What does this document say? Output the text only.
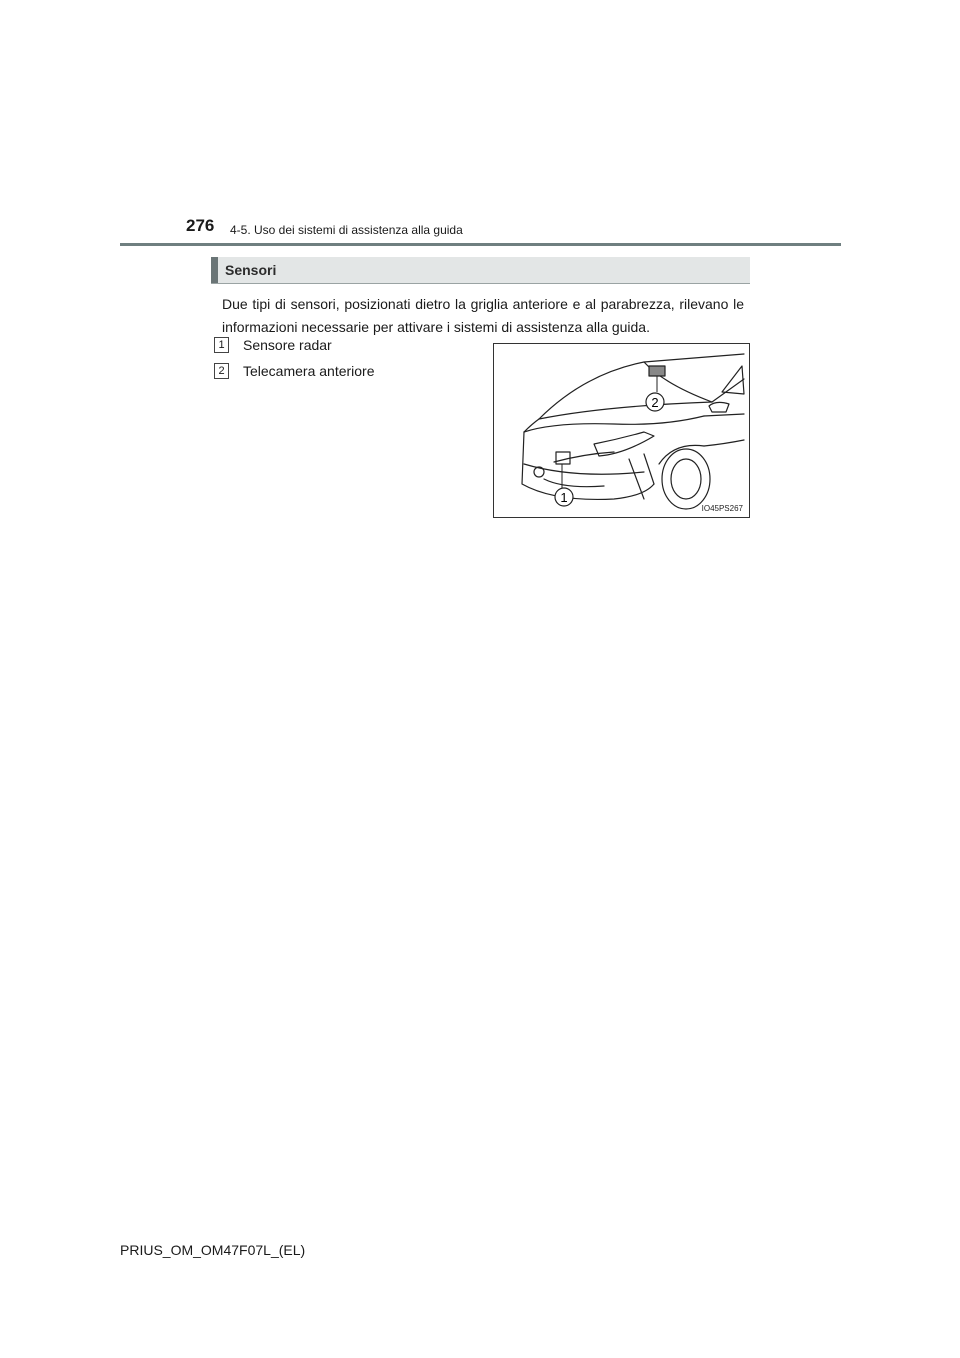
276 4-5. Uso dei sistemi di assistenza alla guida
Sensori
Due tipi di sensori, posizionati dietro la griglia anteriore e al parabrezza, rilevano le informazioni necessarie per attivare i sistemi di assistenza alla guida.
1 Sensore radar
2 Telecamera anteriore
2
1
IO45PS267
PRIUS_OM_OM47F07L_(EL)
